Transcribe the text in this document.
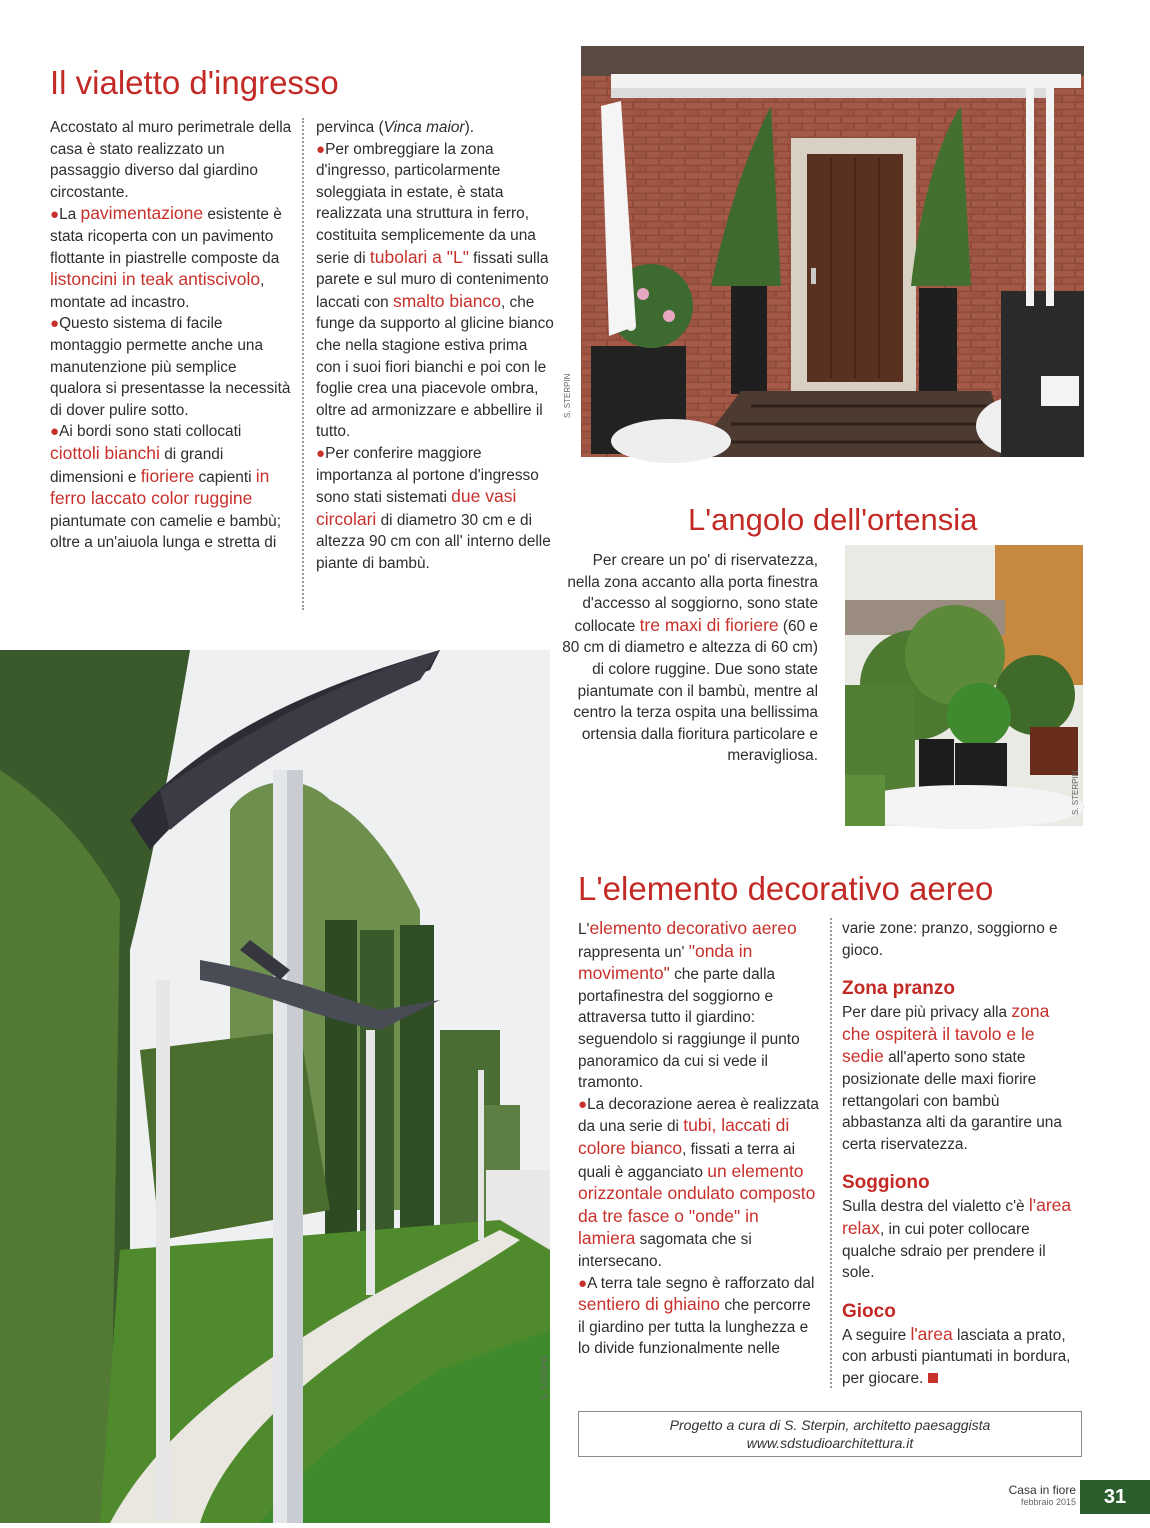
Il vialetto d'ingresso

Accostato al muro perimetrale della casa è stato realizzato un passaggio diverso dal giardino circostante.

●La pavimentazione esistente è stata ricoperta con un pavimento flottante in piastrelle composte da listoncini in teak antiscivolo, montate ad incastro.

●Questo sistema di facile montaggio permette anche una manutenzione più semplice qualora si presentasse la necessità di dover pulire sotto.

●Ai bordi sono stati collocati ciottoli bianchi di grandi dimensioni e fioriere capienti in ferro laccato color ruggine piantumate con camelie e bambù; oltre a un'aiuola lunga e stretta di

pervinca (Vinca maior).

●Per ombreggiare la zona d'ingresso, particolarmente soleggiata in estate, è stata realizzata una struttura in ferro, costituita semplicemente da una serie di tubolari a "L" fissati sulla parete e sul muro di contenimento laccati con smalto bianco, che funge da supporto al glicine bianco che nella stagione estiva prima con i suoi fiori bianchi e poi con le foglie crea una piacevole ombra, oltre ad armonizzare e abbellire il tutto.

●Per conferire maggiore importanza al portone d'ingresso sono stati sistemati due vasi circolari di diametro 30 cm e di altezza 90 cm con all' interno delle piante di bambù.

S. STERPIN
L'angolo dell'ortensia

Per creare un po' di riservatezza, nella zona accanto alla porta finestra d'accesso al soggiorno, sono state collocate tre maxi di fioriere (60 e 80 cm di diametro e altezza di 60 cm) di colore ruggine. Due sono state piantumate con il bambù, mentre al centro la terza ospita una bellissima ortensia dalla fioritura particolare e meravigliosa.

S. STERPIN
S. STERPIN
L'elemento decorativo aereo

L'elemento decorativo aereo rappresenta un' "onda in movimento" che parte dalla portafinestra del soggiorno e attraversa tutto il giardino: seguendolo si raggiunge il punto panoramico da cui si vede il tramonto.

●La decorazione aerea è realizzata da una serie di tubi, laccati di colore bianco, fissati a terra ai quali è agganciato un elemento orizzontale ondulato composto da tre fasce o "onde" in lamiera sagomata che si intersecano.

●A terra tale segno è rafforzato dal sentiero di ghiaino che percorre il giardino per tutta la lunghezza e lo divide funzionalmente nelle

varie zone: pranzo, soggiorno e gioco.

Zona pranzo

Per dare più privacy alla zona che ospiterà il tavolo e le sedie all'aperto sono state posizionate delle maxi fiorire rettangolari con bambù abbastanza alti da garantire una certa riservatezza.

Soggiono

Sulla destra del vialetto c'è l'area relax, in cui poter collocare qualche sdraio per prendere il sole.

Gioco

A seguire l'area lasciata a prato, con arbusti piantumati in bordura, per giocare.

Progetto a cura di S. Sterpin, architetto paesaggista
www.sdstudioarchitettura.it
Casa in fiore
febbraio 2015	31
